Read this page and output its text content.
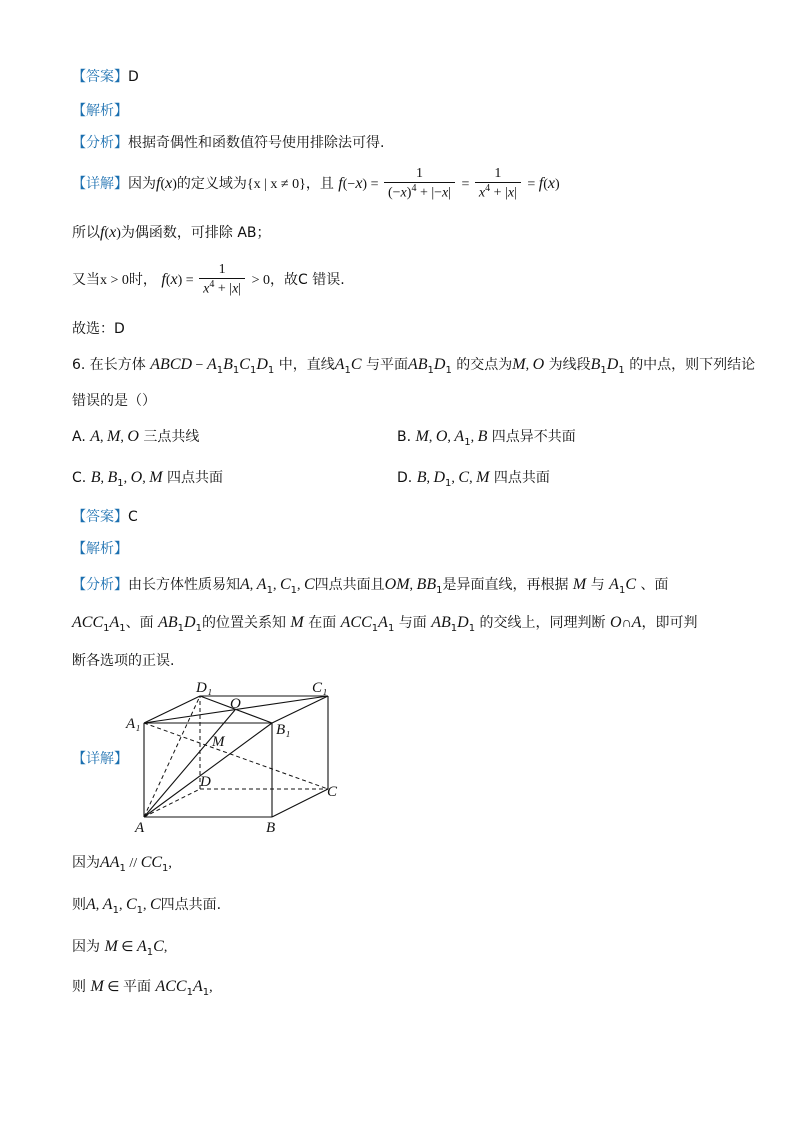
【答案】D
【解析】
【分析】根据奇偶性和函数值符号使用排除法可得.
【详解】因为f(x)的定义域为{x | x ≠ 0}，且 $f(-x) = \frac{1}{(-x)^4 + |-x|} = \frac{1}{x^4 + |x|} = f(x)$
所以f(x)为偶函数，可排除 AB；
又当x > 0时， $f(x) = \frac{1}{x^4 + |x|} > 0$，故C 错误.
故选：D
6. 在长方体 ABCD − $A_1B_1C_1D_1$ 中，直线$A_1C$ 与平面$AB_1D_1$ 的交点为M, O 为线段$B_1D_1$ 的中点，则下列结论
错误的是（）
A. A, M, O 三点共线	B. M, O, $A_1$, B 四点异不共面
C. B, $B_1$, O, M 四点共面	D. B, $D_1$, C, M 四点共面
【答案】C
【解析】
【分析】由长方体性质易知A, $A_1$, $C_1$, C四点共面且OM, $BB_1$是异面直线，再根据 M 与 $A_1C$ 、面
$ACC_1A_1$、面 $AB_1D_1$的位置关系知 M 在面 $ACC_1A_1$ 与面 $AB_1D_1$ 的交线上，同理判断 O∩A，即可判
断各选项的正误.
【详解】
D₁	C₁
A₁
O
B₁
M
D
C
A	B
因为$AA_1 // CC_1$,
则A, $A_1$, $C_1$, C四点共面.
因为 M ∈ $A_1C$,
则 M ∈ 平面 $ACC_1A_1$,
